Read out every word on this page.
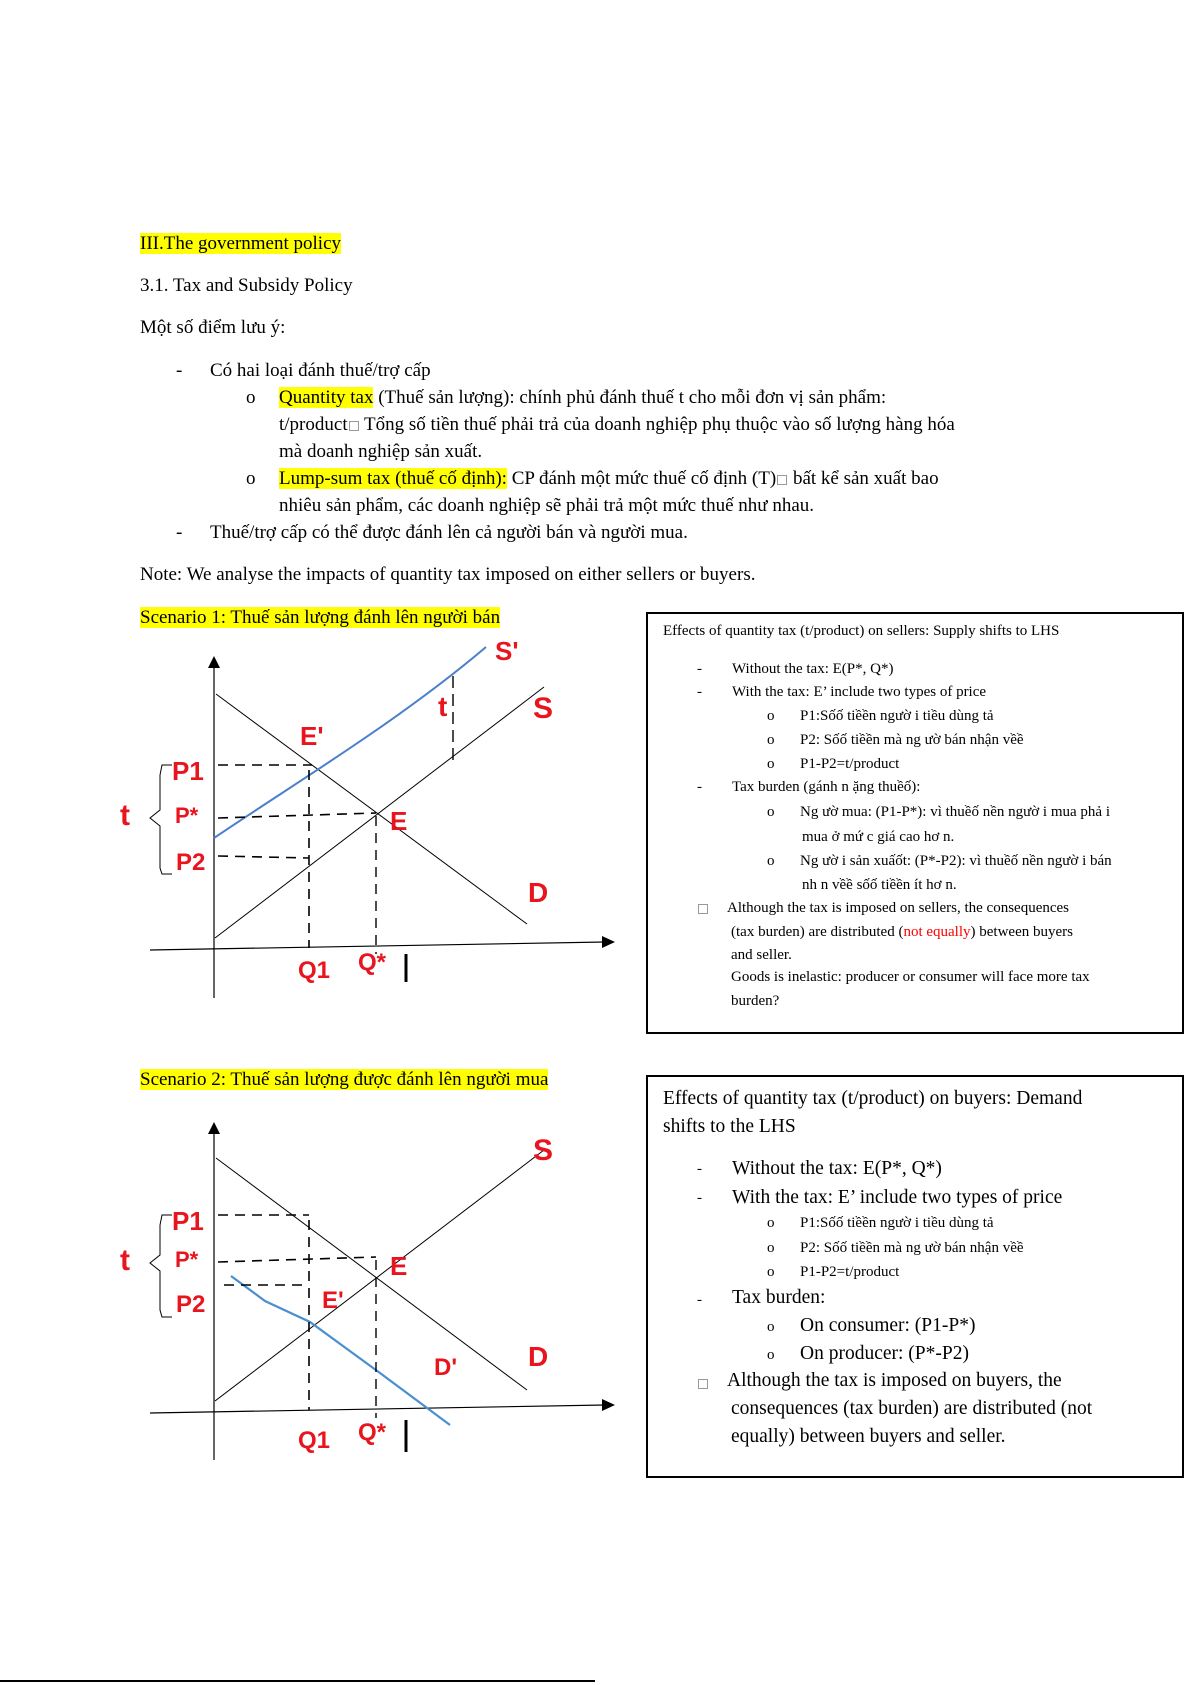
III.The government policy
3.1. Tax and Subsidy Policy
Một số điểm lưu ý:
- Có hai loại đánh thuế/trợ cấp
o Quantity tax (Thuế sản lượng): chính phủ đánh thuế t cho mỗi đơn vị sản phẩm:
t/product Tổng số tiền thuế phải trả của doanh nghiệp phụ thuộc vào số lượng hàng hóa
mà doanh nghiệp sản xuất.
o Lump-sum tax (thuế cố định): CP đánh một mức thuế cố định (T) bất kể sản xuất bao
nhiêu sản phẩm, các doanh nghiệp sẽ phải trả một mức thuế như nhau.
- Thuế/trợ cấp có thể được đánh lên cả người bán và người mua.
Note: We analyse the impacts of quantity tax imposed on either sellers or buyers.
Scenario 1: Thuế sản lượng đánh lên người bán
P1
P*
P2
t
E'
E
S'
t	S
D
Q1 Q*
Effects of quantity tax (t/product) on sellers: Supply shifts to LHS
- Without the tax: E(P*, Q*)
- With the tax: E’ include two types of price
o P1:Sốố tiềền ngườ i tiều dùng tả
o P2: Sốố tiềền mà ng ườ bán nhận vềề
o P1-P2=t/product
- Tax burden (gánh n ặng thuềố):
o Ng ườ mua: (P1-P*): vì thuềố nền ngườ i mua phả i
mua ở mứ c giá cao hơ n.
o Ng ườ i sản xuấốt: (P*-P2): vì thuềố nền ngườ i bán
nh n vềề sốố tiềền ít hơ n.
Although the tax is imposed on sellers, the consequences
(tax burden) are distributed (not equally) between buyers
and seller.
Goods is inelastic: producer or consumer will face more tax
burden?
Scenario 2: Thuế sản lượng được đánh lên người mua
P1
P*
P2
t
E'
E
S
D
D'
Q1 Q*
Effects of quantity tax (t/product) on buyers: Demand
shifts to the LHS
- Without the tax: E(P*, Q*)
- With the tax: E’ include two types of price
o P1:Sốố tiềền ngườ i tiều dùng tả
o P2: Sốố tiềền mà ng ườ bán nhận vềề
o P1-P2=t/product
- Tax burden:
o On consumer: (P1-P*)
o On producer: (P*-P2)
Although the tax is imposed on buyers, the
consequences (tax burden) are distributed (not
equally) between buyers and seller.
